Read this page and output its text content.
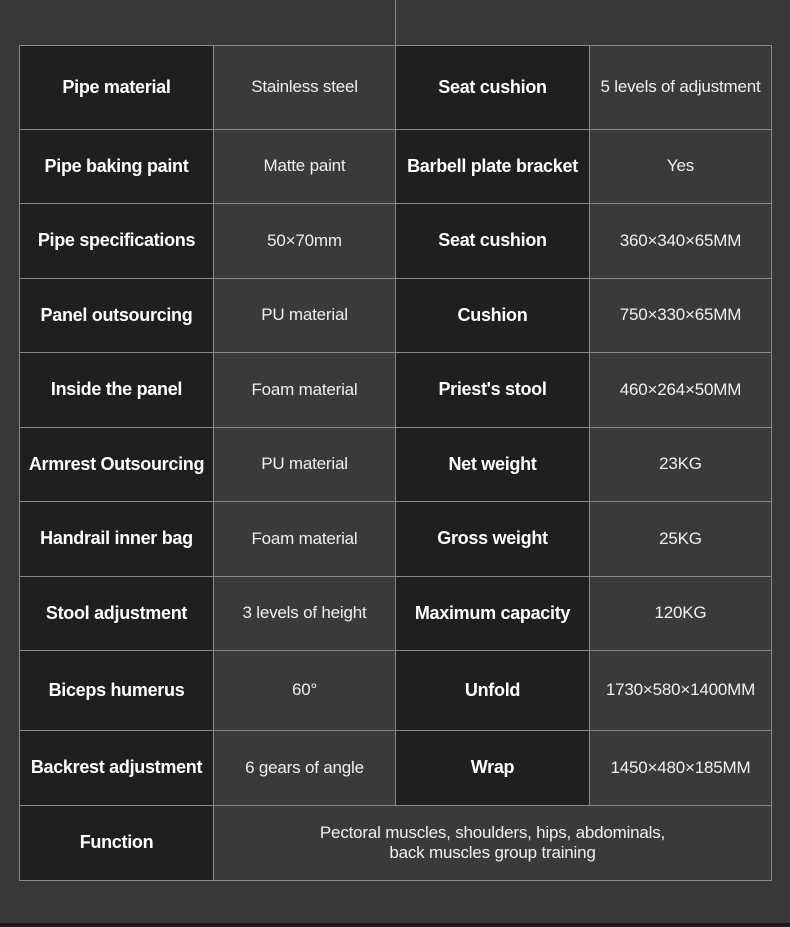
Pipe material	Stainless steel	Seat cushion	5 levels of adjustment
Pipe baking paint	Matte paint	Barbell plate bracket	Yes
Pipe specifications	50×70mm	Seat cushion	360×340×65MM
Panel outsourcing	PU material	Cushion	750×330×65MM
Inside the panel	Foam material	Priest's stool	460×264×50MM
Armrest Outsourcing	PU material	Net weight	23KG
Handrail inner bag	Foam material	Gross weight	25KG
Stool adjustment	3 levels of height	Maximum capacity	120KG
Biceps humerus	60°	Unfold	1730×580×1400MM
Backrest adjustment	6 gears of angle	Wrap	1450×480×185MM
Function	Pectoral muscles, shoulders, hips, abdominals,
back muscles group training		
